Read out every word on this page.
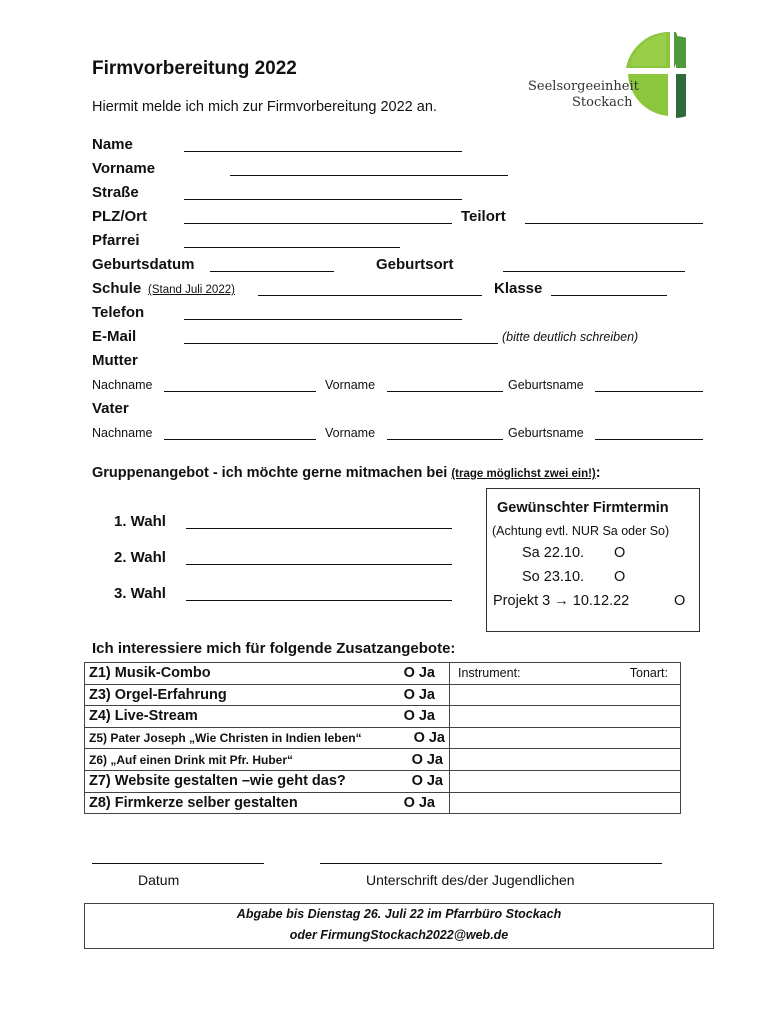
Firmvorbereitung 2022
Hiermit melde ich mich zur Firmvorbereitung 2022 an.
Seelsorgeeinheit
Stockach
Name
Vorname
Straße
PLZ/Ort	Teilort
Pfarrei
Geburtsdatum	Geburtsort
Schule (Stand Juli 2022)	Klasse
Telefon
E-Mail	(bitte deutlich schreiben)
Mutter
Nachname	Vorname	Geburtsname
Vater
Nachname	Vorname	Geburtsname
Gruppenangebot - ich möchte gerne mitmachen bei (trage möglichst zwei ein!):
1. Wahl
2. Wahl
3. Wahl
Gewünschter Firmtermin
(Achtung evtl. NUR Sa oder So)
Sa 22.10. O
So 23.10. O
Projekt 3 → 10.12.22	O
Ich interessiere mich für folgende Zusatzangebote:
Z1) Musik-Combo O Ja	Instrument: Tonart:

Z3) Orgel-Erfahrung O Ja	

Z4) Live-Stream O Ja	

Z5) Pater Joseph „Wie Christen in Indien leben“ O Ja	

Z6) „Auf einen Drink mit Pfr. Huber“ O Ja	

Z7) Website gestalten –wie geht das? O Ja	

Z8) Firmkerze selber gestalten O Ja	

Datum	Unterschrift des/der Jugendlichen
Abgabe bis Dienstag 26. Juli 22 im Pfarrbüro Stockach
oder FirmungStockach2022@web.de
